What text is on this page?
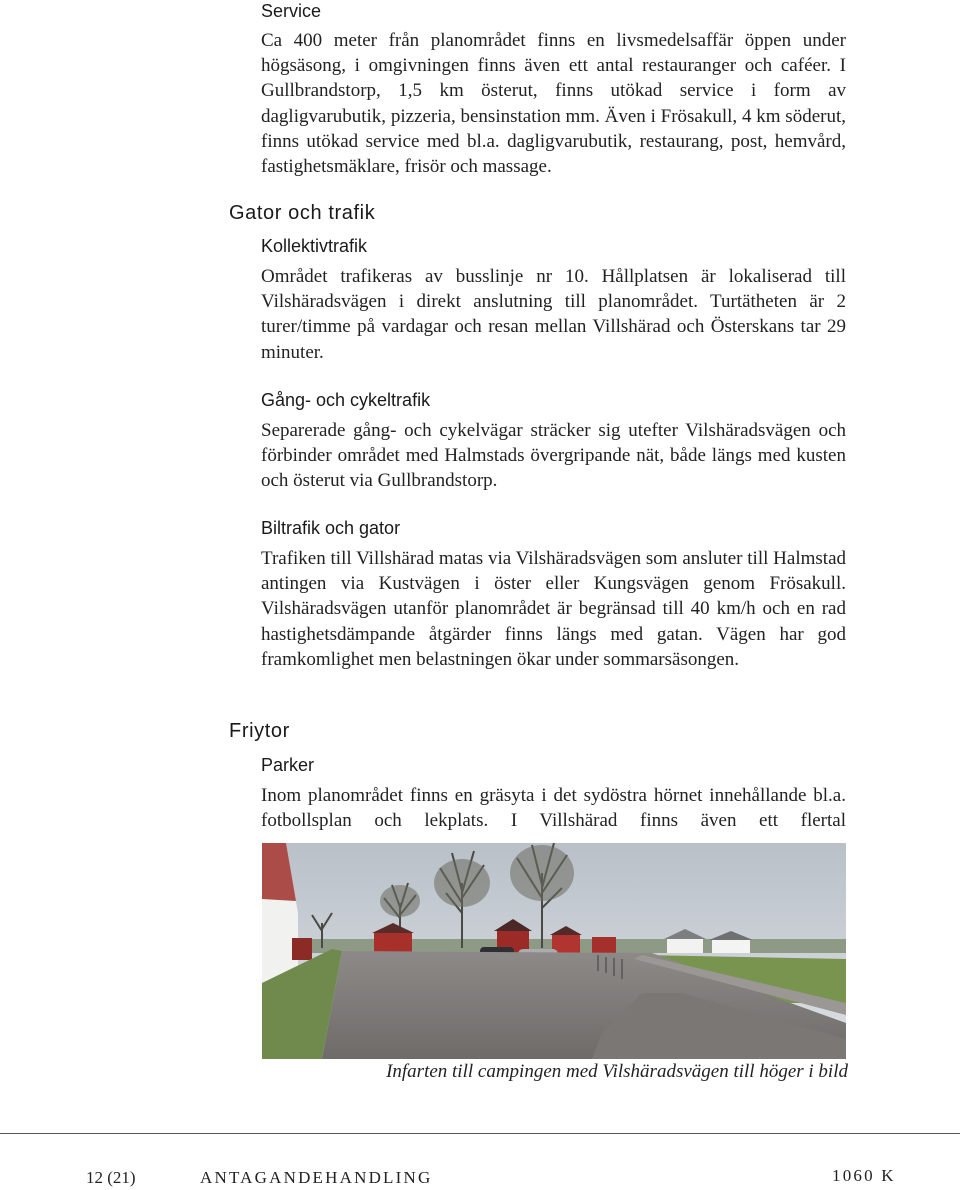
Service
Ca 400 meter från planområdet finns en livsmedelsaffär öppen under högsäsong, i omgivningen finns även ett antal restauranger och caféer. I Gullbrandstorp, 1,5 km österut, finns utökad service i form av dagligvarubutik, pizzeria, bensinstation mm. Även i Frösakull, 4 km söderut, finns utökad service med bl.a. dagligvarubutik, restaurang, post, hemvård, fastighetsmäklare, frisör och massage.
Gator och trafik
Kollektivtrafik
Området trafikeras av busslinje nr 10. Hållplatsen är lokaliserad till Vilshäradsvägen i direkt anslutning till planområdet. Turtätheten är 2 turer/timme på vardagar och resan mellan Villshärad och Österskans tar 29 minuter.
Gång- och cykeltrafik
Separerade gång- och cykelvägar sträcker sig utefter Vilshäradsvägen och förbinder området med Halmstads övergripande nät, både längs med kusten och österut via Gullbrandstorp.
Biltrafik och gator
Trafiken till Villshärad matas via Vilshäradsvägen som ansluter till Halmstad antingen via Kustvägen i öster eller Kungsvägen genom Frösakull. Vilshäradsvägen utanför planområdet är begränsad till 40 km/h och en rad hastighetsdämpande åtgärder finns längs med gatan. Vägen har god framkomlighet men belastningen ökar under sommarsäsongen.
Friytor
Parker
Inom planområdet finns en gräsyta i det sydöstra hörnet innehållande bl.a. fotbollsplan och lekplats. I Villshärad finns även ett flertal
Infarten till campingen med Vilshäradsvägen till höger i bild
12 (21)	ANTAGANDEHANDLING	1060 K
